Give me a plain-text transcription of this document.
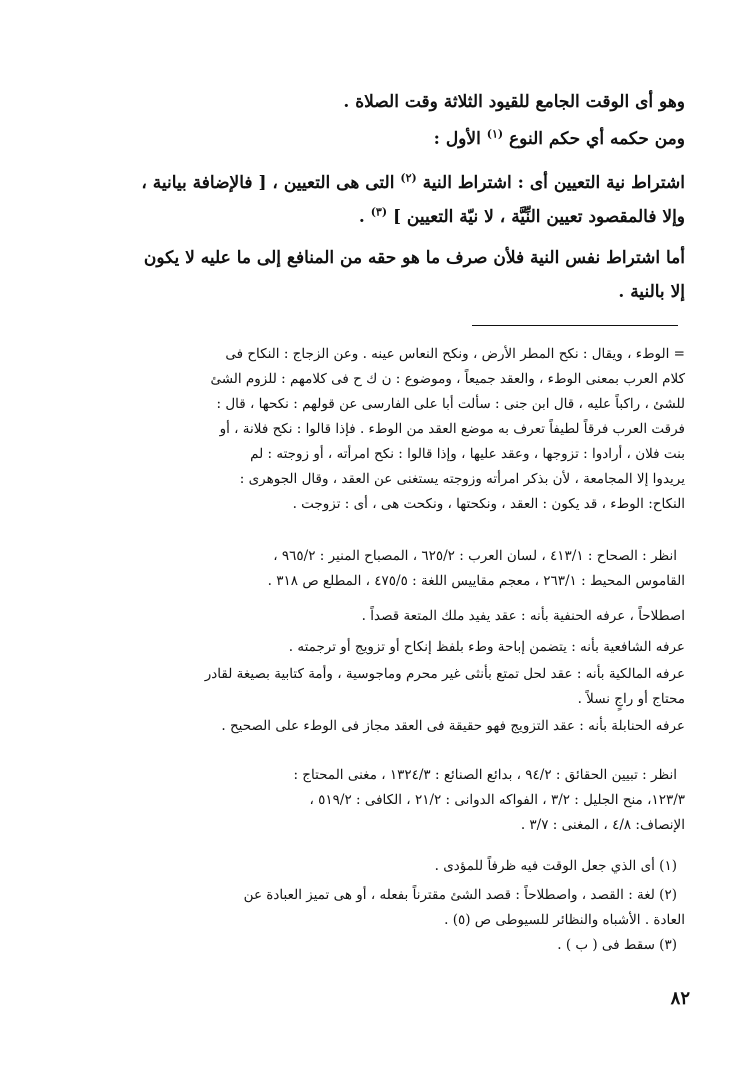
وهو أى الوقت الجامع للقيود الثلاثة وقت الصلاة .
ومن حكمه أي حكم النوع $^{(١)}$ الأول :
اشتراط نية التعيين أى : اشتراط النية $^{(٢)}$ التى هى التعيين ، [ فالإضافة بيانية ،
وإلا فالمقصود تعيين النِّيَّة ، لا نيّة التعيين ] $^{(٣)}$ .
أما اشتراط نفس النية فلأن صرف ما هو حقه من المنافع إلى ما عليه لا يكون
إلا بالنية .
= الوطء ، ويقال : نكح المطر الأرض ، ونكح النعاس عينه . وعن الزجاج : النكاح فى
كلام العرب بمعنى الوطء ، والعقد جميعاً ، وموضوع : ن ك ح فى كلامهم : للزوم الشئ
للشئ ، راكباً عليه ، قال ابن جنى : سألت أبا على الفارسى عن قولهم : نكحها ، قال :
فرقت العرب فرقاً لطيفاً تعرف به موضع العقد من الوطء . فإذا قالوا : نكح فلانة ، أو
بنت فلان ، أرادوا : تزوجها ، وعقد عليها ، وإذا قالوا : نكح امرأته ، أو زوجته : لم
يريدوا إلا المجامعة ، لأن بذكر امرأته وزوجته يستغنى عن العقد ، وقال الجوهرى :
النكاح: الوطء ، قد يكون : العقد ، ونكحتها ، ونكحت هى ، أى : تزوجت .
انظر : الصحاح : ٤١٣/١ ، لسان العرب : ٦٢٥/٢ ، المصباح المنير : ٩٦٥/٢ ،
القاموس المحيط : ٢٦٣/١ ، معجم مقاييس اللغة : ٤٧٥/٥ ، المطلع ص ٣١٨ .
اصطلاحاً ، عرفه الحنفية بأنه : عقد يفيد ملك المتعة قصداً .
عرفه الشافعية بأنه : يتضمن إباحة وطء بلفظ إنكاح أو تزويج أو ترجمته .
عرفه المالكية بأنه : عقد لحل تمتع بأنثى غير محرم وماجوسية ، وأمة كتابية بصيغة لقادر
محتاج أو راجٍ نسلاً .
عرفه الحنابلة بأنه : عقد التزويج فهو حقيقة فى العقد مجاز فى الوطء على الصحيح .
انظر : تبيين الحقائق : ٩٤/٢ ، بدائع الصنائع : ١٣٢٤/٣ ، مغنى المحتاج :
١٢٣/٣، منح الجليل : ٣/٢ ، الفواكه الدوانى : ٢١/٢ ، الكافى : ٥١٩/٢ ،
الإنصاف: ٤/٨ ، المغنى : ٣/٧ .
(١) أى الذي جعل الوقت فيه ظرفاً للمؤدى .
(٢) لغة : القصد ، واصطلاحاً : قصد الشئ مقترناً بفعله ، أو هى تميز العبادة عن
العادة . الأشباه والنظائر للسيوطى ص (٥) .
(٣) سقط فى ( ب ) .
٨٢
